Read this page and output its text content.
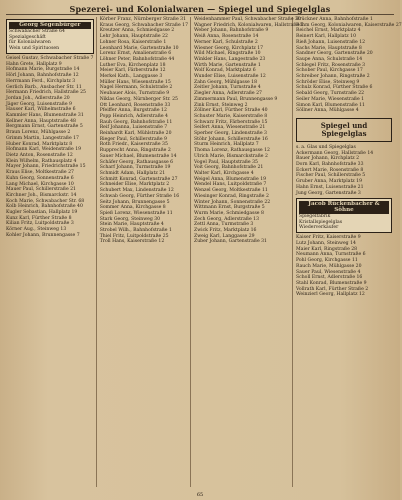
Spezerei- und Kolonialwaren — Spiegel und Spiegelglas
Georg Segenbürger
Schwabacher Straße 64
Spezialgeschäft
für Kolonialwaren
Wein und Spirituosen

Geisel Gustav, Schwabacher Straße 7

Hahn Grete, Hallplatz 9

Hofmann Marie, Burgstraße 14

Hörl Johann, Bahnhofstraße 12

Herrmann Ferd., Kirchplatz 3

Gerlich Barb., Ansbacher Str. 11

Hermann Friedrich, Hallstraße 25

Jordan Joh., Adlerstraße 20

Jäger Georg, Luisenstraße 9

Hauser Karl, Wilhelmstraße 6

Kammler Hans, Blumenstraße 31

Kellner Anna, Hauptstraße 48

Bergmann Ernst, Gartenstraße 5

Braun Lorenz, Mühlgasse 2

Grimm Martin, Langestraße 17

Huber Konrad, Marktplatz 8

Hofmann Karl, Weidenstraße 19

Dietz Anton, Rosenstraße 12

Klein Wilhelm, Rathausplatz 4

Mayer Johann, Friedrichstraße 15

Kraus Elise, Moltkestraße 27

Kuhn Georg, Sonnenstraße 6

Lang Michael, Kirchgasse 10

Mauer Paul, Schillerstraße 21

Kirchner Joh., Bismarckstr. 14

Koch Marie, Schwabacher Str. 68

Kolb Heinrich, Bahnhofstraße 40

Kugler Sebastian, Hallplatz 19

Kunz Karl, Fürther Straße 8

Kilian Fritz, Luitpoldstraße 3

Körner Aug., Steinweg 13

Kohler Johann, Brunnengasse 7

Körber Franz, Nürnberger Straße 31

Kraus Georg, Schwabacher Straße 17

Kreutzer Anna, Schmiedgasse 2

Lehr Johann, Hauptstraße 22

Lohner Rosa, Kaiserstraße 1

Leonhard Marie, Gartenstraße 10

Lorenz Ernst, Amalienstraße 6

Löhner Peter, Bahnhofstraße 44

Luther Eva, Kirchenplatz 18

Meier Karl, Färberstraße 12

Merkel Kath., Langgasse 3

Müller Hans, Wiesenstraße 15

Nagel Hermann, Schulstraße 2

Neubauer Alois, Turnstraße 9

Niklas Georg, Nürnberger Str. 25

Ott Leonhard, Rosenstraße 33

Pfeiffer Anna, Burgstraße 12

Popp Heinrich, Adlerstraße 4

Rauh Georg, Bahnhofstraße 11

Reif Johanna, Luisenstraße 7

Reinhardt Karl, Mühlstraße 20

Rieger Paul, Schillerstraße 9

Roth Friedr., Kaiserstraße 35

Rupprecht Anna, Ringstraße 2

Sauer Michael, Blumenstraße 14

Schäfer Georg, Rathausgasse 6

Scharf Johann, Turmstraße 19

Schmidt Adam, Hallplatz 21

Schmitt Konrad, Gartenstraße 27

Schneider Elise, Marktplatz 2

Schubert Max, Lindenstraße 12

Schwab Georg, Fürther Straße 16

Seitz Johann, Brunnengasse 5

Sommer Anna, Kirchgasse 8

Spieß Lorenz, Wiesenstraße 11

Stark Georg, Steinweg 30

Stein Marie, Hauptstraße 4

Strobel Wilh., Bahnhofstraße 1

Thiel Fritz, Luitpoldstraße 25

Troll Hans, Kaiserstraße 12

Weidenhammer Paul, Schwabacher Straße 30

Wagner Friedrich, Kolonialwaren, Hallstraße 5

Weber Johann, Bahnhofstraße 9

Weiß Anna, Rosenstraße 14

Werner Karl, Schulstraße 2

Wiesner Georg, Kirchplatz 17

Wild Michael, Ringstraße 10

Winkler Hans, Langestraße 23

Wirth Marie, Gartenstraße 1

Wolf Konrad, Marktplatz 6

Wunder Elise, Luisenstraße 12

Zahn Georg, Mühlgasse 18

Zeitler Johann, Turnstraße 4

Ziegler Anna, Adlerstraße 27

Zimmermann Paul, Brunnengasse 9

Zink Ernst, Steinweg 2

Zöllner Karl, Fürther Straße 40

Schuster Marie, Kaiserstraße 8

Schwarz Fritz, Färberstraße 15

Seifert Anna, Wiesenstraße 21

Sperber Georg, Lindenstraße 3

Stöhr Johann, Schillerstraße 16

Sturm Heinrich, Hallplatz 7

Thoma Lorenz, Rathausgasse 12

Ulrich Marie, Bismarckstraße 2

Vogel Paul, Hauptstraße 35

Voit Georg, Bahnhofstraße 21

Walter Karl, Kirchgasse 4

Weigel Anna, Blumenstraße 19

Wendel Hans, Luitpoldstraße 7

Wenzel Georg, Moltkestraße 11

Wiesinger Konrad, Ringstraße 2

Winter Johann, Sonnenstraße 22

Wittmann Ernst, Burgstraße 5

Wurm Marie, Schmiedgasse 8

Zech Georg, Adlerstraße 13

Zettl Anna, Turmstraße 3

Zwick Fritz, Marktplatz 16

Zweig Karl, Langgasse 29

Zuber Johann, Gartenstraße 31

Brückner Anna, Bahnhofstraße 1

Böhm Georg, Kolonialwaren, Kaiserstraße 27

Reichel Ernst, Marktplatz 4

Reinert Karl, Hallplatz 10

Rieß Johann, Luisenstraße 12

Sachs Marie, Hauptstraße 8

Sandner Georg, Gartenstraße 20

Saupe Anna, Schulstraße 14

Schlegel Fritz, Rosenstraße 3

Schober Paul, Kirchgasse 17

Schreiber Johann, Ringstraße 2

Schröder Elise, Steinweg 9

Schulz Konrad, Fürther Straße 6

Sebald Georg, Turnstraße 22

Seiler Marie, Wiesenstraße 1

Simon Karl, Blumenstraße 11

Söllner Anna, Mühlgasse 4

Spiegel und Spiegelglas
s. a. Glas und Spiegelglas

Ackermann Georg, Hallstraße 14

Bauer Johann, Kirchplatz 2

Dorn Karl, Bahnhofstraße 33

Eckert Marie, Rosenstraße 8

Fischer Paul, Schillerstraße 5

Gruber Anna, Marktplatz 19

Hahn Ernst, Luisenstraße 21

Jung Georg, Gartenstraße 3

Jacob Rückenbacher & Söhne
Spiegelfabrik
Kristallspiegelglas
Wiederverkäufer

Kaiser Fritz, Kaiserstraße 9

Lutz Johann, Steinweg 14

Maier Karl, Ringstraße 28

Neumann Anna, Turnstraße 6

Pohl Georg, Kirchgasse 11

Rauch Marie, Mühlgasse 20

Sauer Paul, Wiesenstraße 4

Scholl Ernst, Adlerstraße 16

Stahl Konrad, Blumenstraße 9

Vollrath Karl, Fürther Straße 2

Weinzierl Georg, Hallplatz 12

65
